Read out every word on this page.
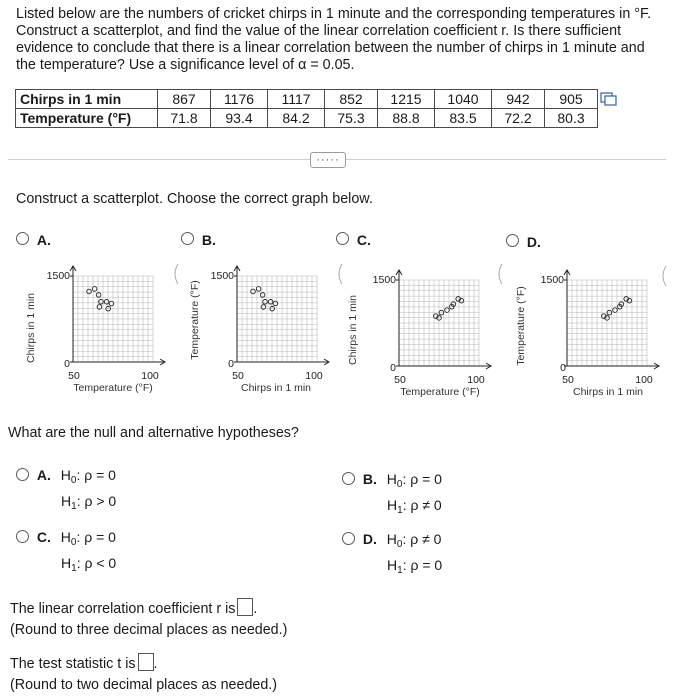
Listed below are the numbers of cricket chirps in 1 minute and the corresponding temperatures in °F. Construct a scatterplot, and find the value of the linear correlation coefficient r. Is there sufficient evidence to conclude that there is a linear correlation between the number of chirps in 1 minute and the temperature? Use a significance level of α = 0.05.
Chirps in 1 min	867	1176	1117	852	1215	1040	942	905
Temperature (°F)	71.8	93.4	84.2	75.3	88.8	83.5	72.2	80.3
·····
Construct a scatterplot. Choose the correct graph below.
A.
Chirps in 1 min
1500
0
50	100
Temperature (°F)
B.
Temperature (°F)
1500
0
50	100
Chirps in 1 min
C.
Chirps in 1 min
1500
0
50	100
Temperature (°F)
D.
Temperature (°F)
1500
0
50	100
Chirps in 1 min
What are the null and alternative hypotheses?
A. $H_0$: ρ = 0
$H_1$: ρ > 0
B. $H_0$: ρ = 0
$H_1$: ρ ≠ 0
C. $H_0$: ρ = 0
$H_1$: ρ < 0
D. $H_0$: ρ ≠ 0
$H_1$: ρ = 0
The linear correlation coefficient r is .
(Round to three decimal places as needed.)
The test statistic t is .
(Round to two decimal places as needed.)
